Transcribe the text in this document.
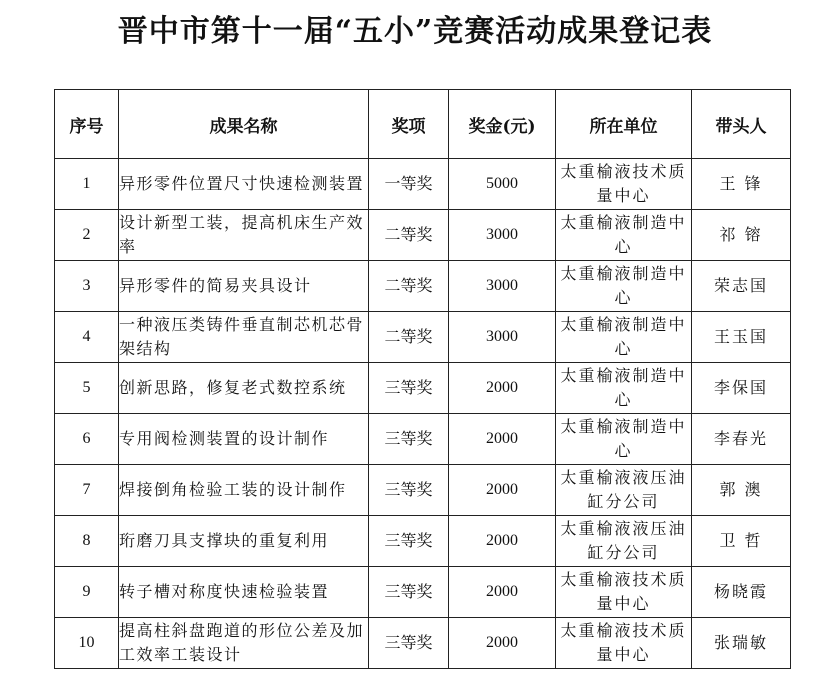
晋中市第十一届“五小”竞赛活动成果登记表
序号	成果名称	奖项	奖金(元)	所在单位	带头人
1	异形零件位置尺寸快速检测装置	一等奖	5000	太重榆液技术质量中心	王 锋
2	设计新型工装，提高机床生产效率	二等奖	3000	太重榆液制造中心	祁 镕
3	异形零件的简易夹具设计	二等奖	3000	太重榆液制造中心	荣志国
4	一种液压类铸件垂直制芯机芯骨架结构	二等奖	3000	太重榆液制造中心	王玉国
5	创新思路，修复老式数控系统	三等奖	2000	太重榆液制造中心	李保国
6	专用阀检测装置的设计制作	三等奖	2000	太重榆液制造中心	李春光
7	焊接倒角检验工装的设计制作	三等奖	2000	太重榆液液压油缸分公司	郭 澳
8	珩磨刀具支撑块的重复利用	三等奖	2000	太重榆液液压油缸分公司	卫 哲
9	转子槽对称度快速检验装置	三等奖	2000	太重榆液技术质量中心	杨晓霞
10	提高柱斜盘跑道的形位公差及加工效率工装设计	三等奖	2000	太重榆液技术质量中心	张瑞敏
